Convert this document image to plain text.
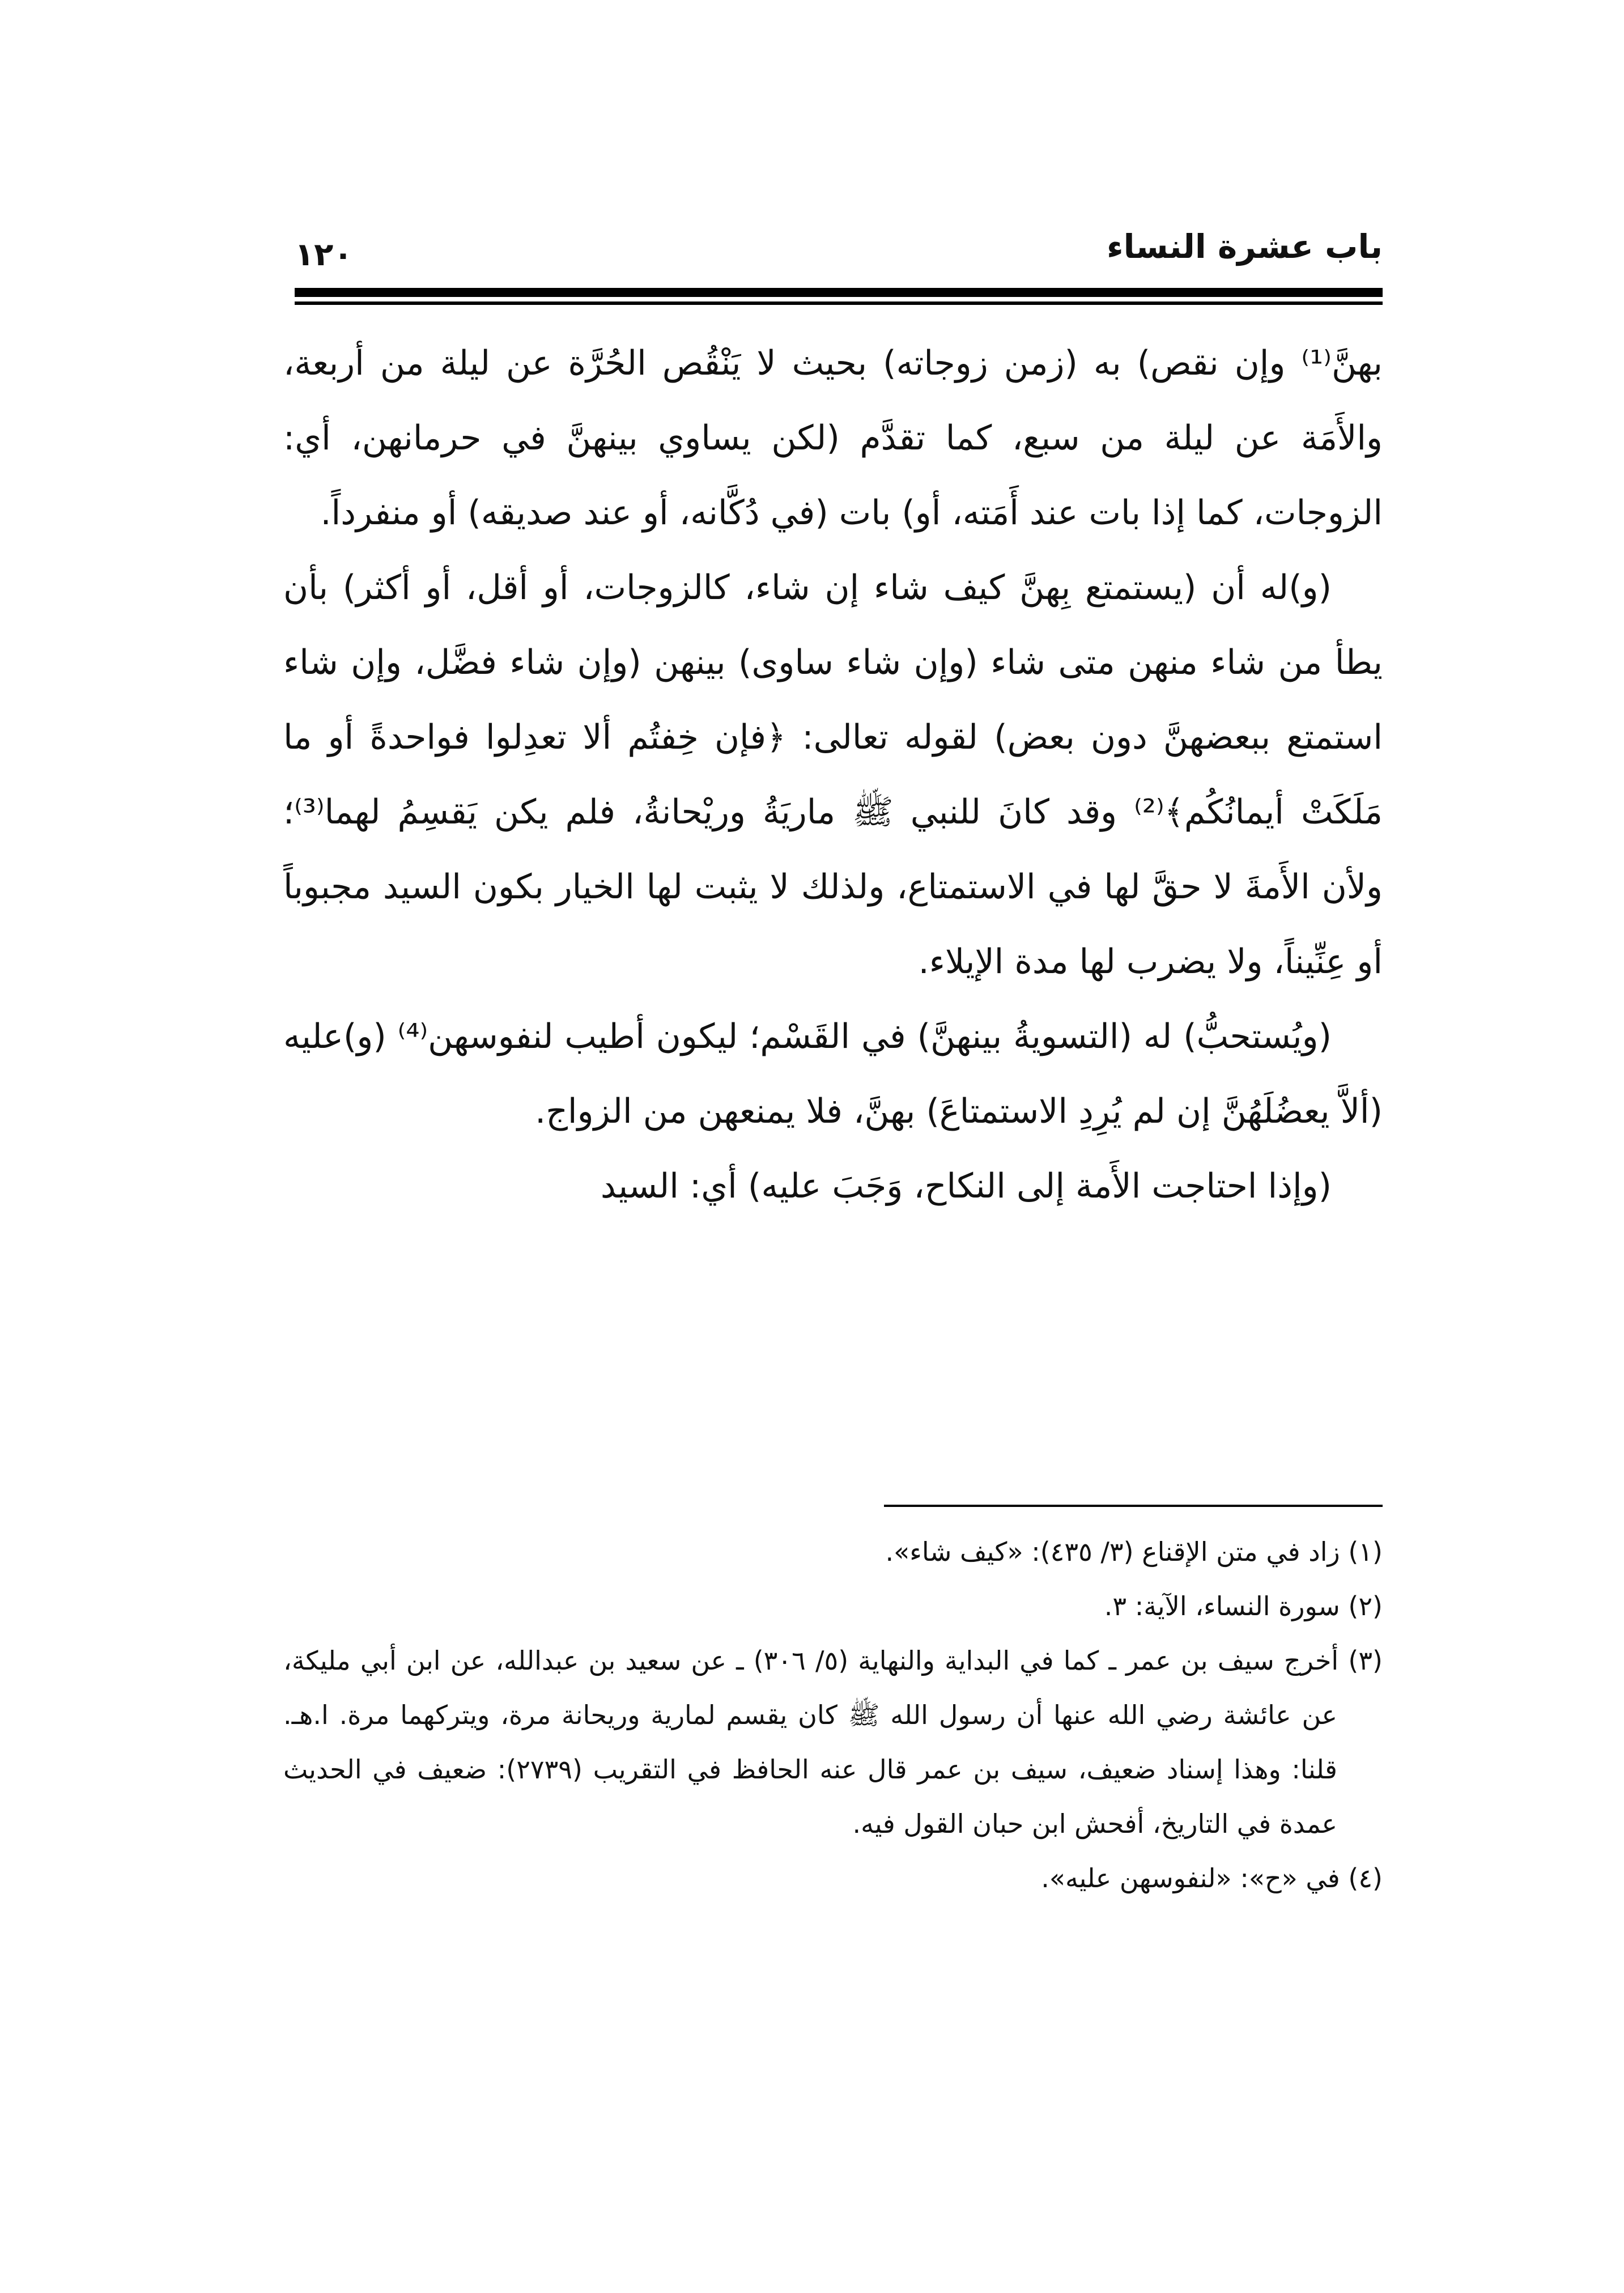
باب عشرة النساء
١٢٠

بهنَّ⁽¹⁾ وإن نقص) به (زمن زوجاته) بحيث لا يَنْقُص الحُرَّة عن ليلة من أربعة، والأَمَة عن ليلة من سبع، كما تقدَّم (لكن يساوي بينهنَّ في حرمانهن، أي: الزوجات، كما إذا بات عند أَمَته، أو) بات (في دُكَّانه، أو عند صديقه) أو منفرداً.

(و)له أن (يستمتع بِهنَّ كيف شاء إن شاء، كالزوجات، أو أقل، أو أكثر) بأن يطأ من شاء منهن متى شاء (وإن شاء ساوى) بينهن (وإن شاء فضَّل، وإن شاء استمتع ببعضهنَّ دون بعض) لقوله تعالى: ﴿فإن خِفتُم ألا تعدِلوا فواحدةً أو ما مَلَكَتْ أيمانُكُم﴾⁽²⁾ وقد كانَ للنبي ﷺ ماريَةُ وريْحانةُ، فلم يكن يَقسِمُ لهما⁽³⁾؛ ولأن الأَمةَ لا حقَّ لها في الاستمتاع، ولذلك لا يثبت لها الخيار بكون السيد مجبوباً أو عِنِّيناً، ولا يضرب لها مدة الإيلاء.

(ويُستحبُّ) له (التسويةُ بينهنَّ) في القَسْم؛ ليكون أطيب لنفوسهن⁽⁴⁾ (و)عليه (ألاَّ يعضُلَهُنَّ إن لم يُرِدِ الاستمتاعَ) بهنَّ، فلا يمنعهن من الزواج.

(وإذا احتاجت الأَمة إلى النكاح، وَجَبَ عليه) أي: السيد

(١) زاد في متن الإقناع (٣/ ٤٣٥): «كيف شاء».

(٢) سورة النساء، الآية: ٣.

(٣) أخرج سيف بن عمر ـ كما في البداية والنهاية (٥/ ٣٠٦) ـ عن سعيد بن عبدالله، عن ابن أبي مليكة، عن عائشة رضي الله عنها أن رسول الله ﷺ كان يقسم لمارية وريحانة مرة، ويتركهما مرة. ا.هـ. قلنا: وهذا إسناد ضعيف، سيف بن عمر قال عنه الحافظ في التقريب (٢٧٣٩): ضعيف في الحديث عمدة في التاريخ، أفحش ابن حبان القول فيه.

(٤) في «ح»: «لنفوسهن عليه».
